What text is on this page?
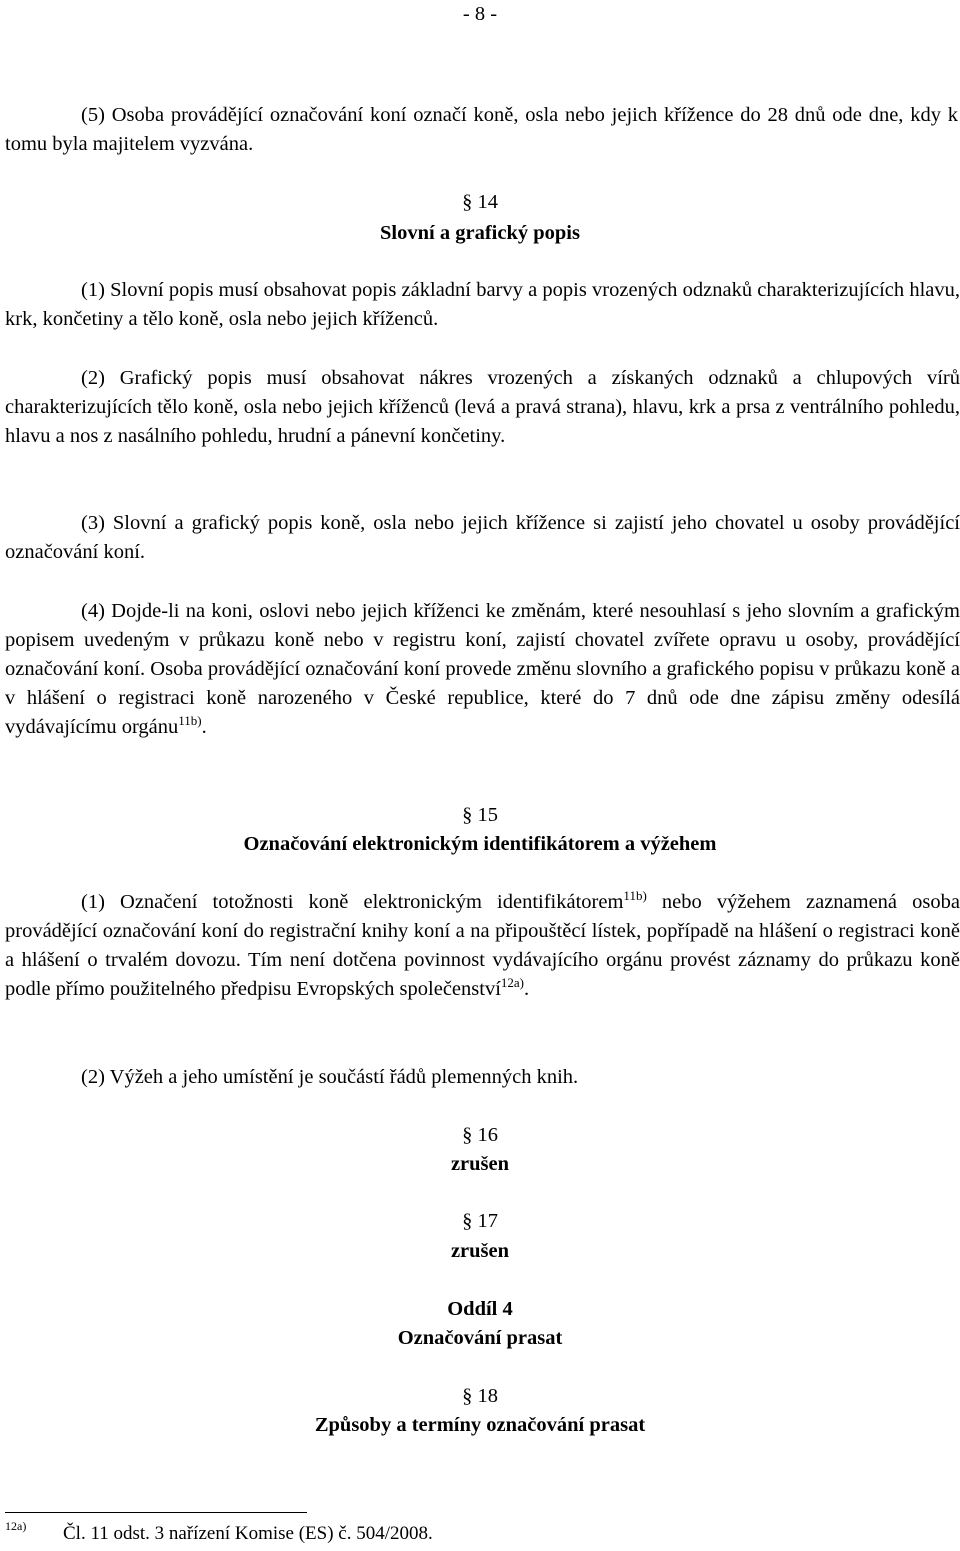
- 8 -

(5) Osoba provádějící označování koní označí koně, osla nebo jejich křížence do 28 dnů ode dne, kdy k tomu byla majitelem vyzvána.

§ 14
Slovní a grafický popis

(1) Slovní popis musí obsahovat popis základní barvy a popis vrozených odznaků charakterizujících hlavu, krk, končetiny a tělo koně, osla nebo jejich kříženců.

(2) Grafický popis musí obsahovat nákres vrozených a získaných odznaků a chlupových vírů charakterizujících tělo koně, osla nebo jejich kříženců (levá a pravá strana), hlavu, krk a prsa z ventrálního pohledu, hlavu a nos z nasálního pohledu, hrudní a pánevní končetiny.

(3) Slovní a grafický popis koně, osla nebo jejich křížence si zajistí jeho chovatel u osoby provádějící označování koní.

(4) Dojde-li na koni, oslovi nebo jejich kříženci ke změnám, které nesouhlasí s jeho slovním a grafickým popisem uvedeným v průkazu koně nebo v registru koní, zajistí chovatel zvířete opravu u osoby, provádějící označování koní. Osoba provádějící označování koní provede změnu slovního a grafického popisu v průkazu koně a v hlášení o registraci koně narozeného v České republice, které do 7 dnů ode dne zápisu změny odesílá vydávajícímu orgánu$^{11b)}$.

§ 15
Označování elektronickým identifikátorem a výžehem

(1) Označení totožnosti koně elektronickým identifikátorem$^{11b)}$ nebo výžehem zaznamená osoba provádějící označování koní do registrační knihy koní a na připouštěcí lístek, popřípadě na hlášení o registraci koně a hlášení o trvalém dovozu. Tím není dotčena povinnost vydávajícího orgánu provést záznamy do průkazu koně podle přímo použitelného předpisu Evropských společenství$^{12a)}$.

(2) Výžeh a jeho umístění je součástí řádů plemenných knih.

§ 16
zrušen
§ 17
zrušen
Oddíl 4
Označování prasat
§ 18
Způsoby a termíny označování prasat
12a) Čl. 11 odst. 3 nařízení Komise (ES) č. 504/2008.
